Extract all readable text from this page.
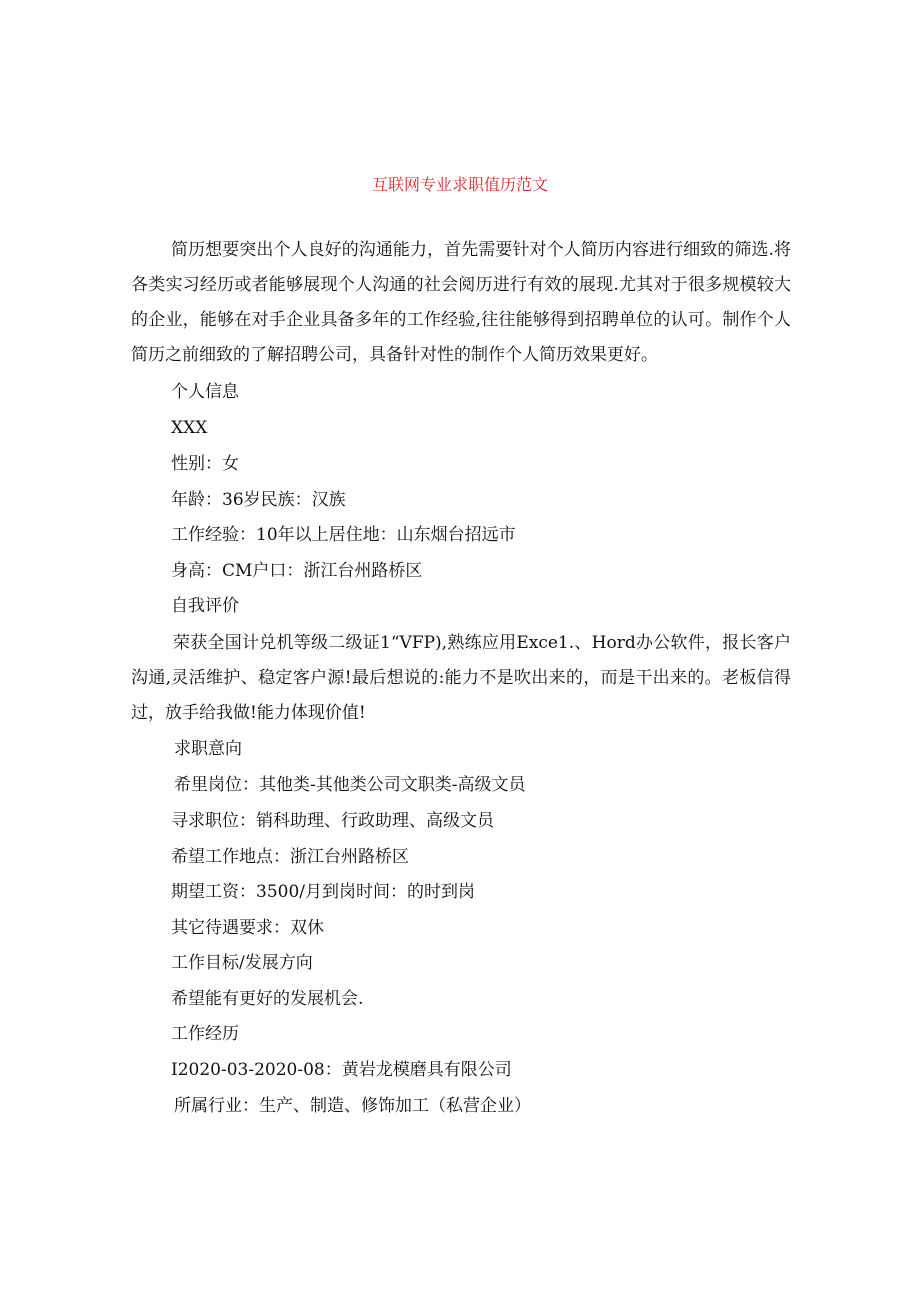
互联网专业求职值历范文
简历想要突出个人良好的沟通能力，首先需要针对个人简历内容进行细致的筛选.将各类实习经历或者能够展现个人沟通的社会阅历进行有效的展现.尤其对于很多规模较大的企业，能够在对手企业具备多年的工作经验,往往能够得到招聘单位的认可。制作个人简历之前细致的了解招聘公司，具备针对性的制作个人简历效果更好。
个人信息
XXX
性别：女
年龄：36岁民族：汉族
工作经验：10年以上居住地：山东烟台招远市
身高：CM户口：浙江台州路桥区
自我评价
荣获全国计兑机等级二级证1“VFP),熟练应用Exce1.、Hord办公软件，报长客户沟通,灵活维护、稳定客户源!最后想说的:能力不是吹出来的，而是干出来的。老板信得过，放手给我做!能力体现价值!
求职意向
希里岗位：其他类-其他类公司文职类-高级文员
寻求职位：销科助理、行政助理、高级文员
希望工作地点：浙江台州路桥区
期望工资：3500/月到岗时间：的时到岗
其它待遇要求：双休
工作目标/发展方向
希望能有更好的发展机会.
工作经历
I2020-03-2020-08：黄岩龙模磨具有限公司
所属行业：生产、制造、修饰加工（私营企业）
